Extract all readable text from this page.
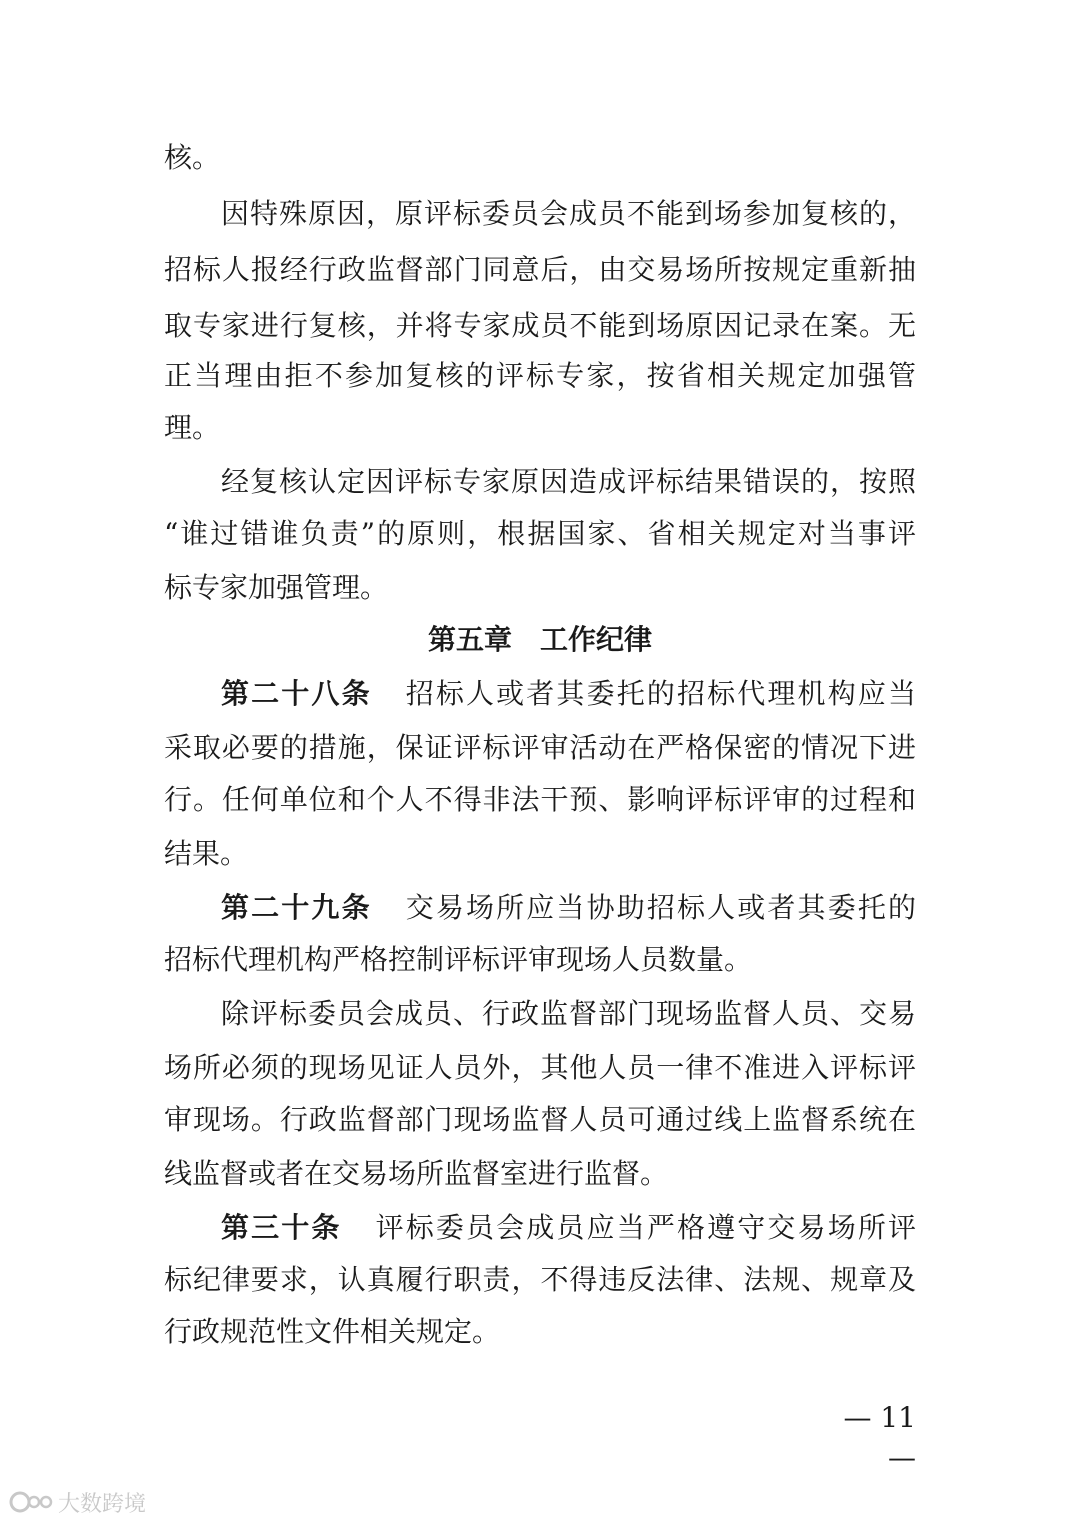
核。
因特殊原因，原评标委员会成员不能到场参加复核的，
招标人报经行政监督部门同意后，由交易场所按规定重新抽
取专家进行复核，并将专家成员不能到场原因记录在案。无
正当理由拒不参加复核的评标专家，按省相关规定加强管
理。
经复核认定因评标专家原因造成评标结果错误的，按照
“谁过错谁负责”的原则，根据国家、省相关规定对当事评
标专家加强管理。
第五章 工作纪律
第二十八条 招标人或者其委托的招标代理机构应当
采取必要的措施，保证评标评审活动在严格保密的情况下进
行。任何单位和个人不得非法干预、影响评标评审的过程和
结果。
第二十九条 交易场所应当协助招标人或者其委托的
招标代理机构严格控制评标评审现场人员数量。
除评标委员会成员、行政监督部门现场监督人员、交易
场所必须的现场见证人员外，其他人员一律不准进入评标评
审现场。行政监督部门现场监督人员可通过线上监督系统在
线监督或者在交易场所监督室进行监督。
第三十条 评标委员会成员应当严格遵守交易场所评
标纪律要求，认真履行职责，不得违反法律、法规、规章及
行政规范性文件相关规定。
— 11 —
大数跨境
